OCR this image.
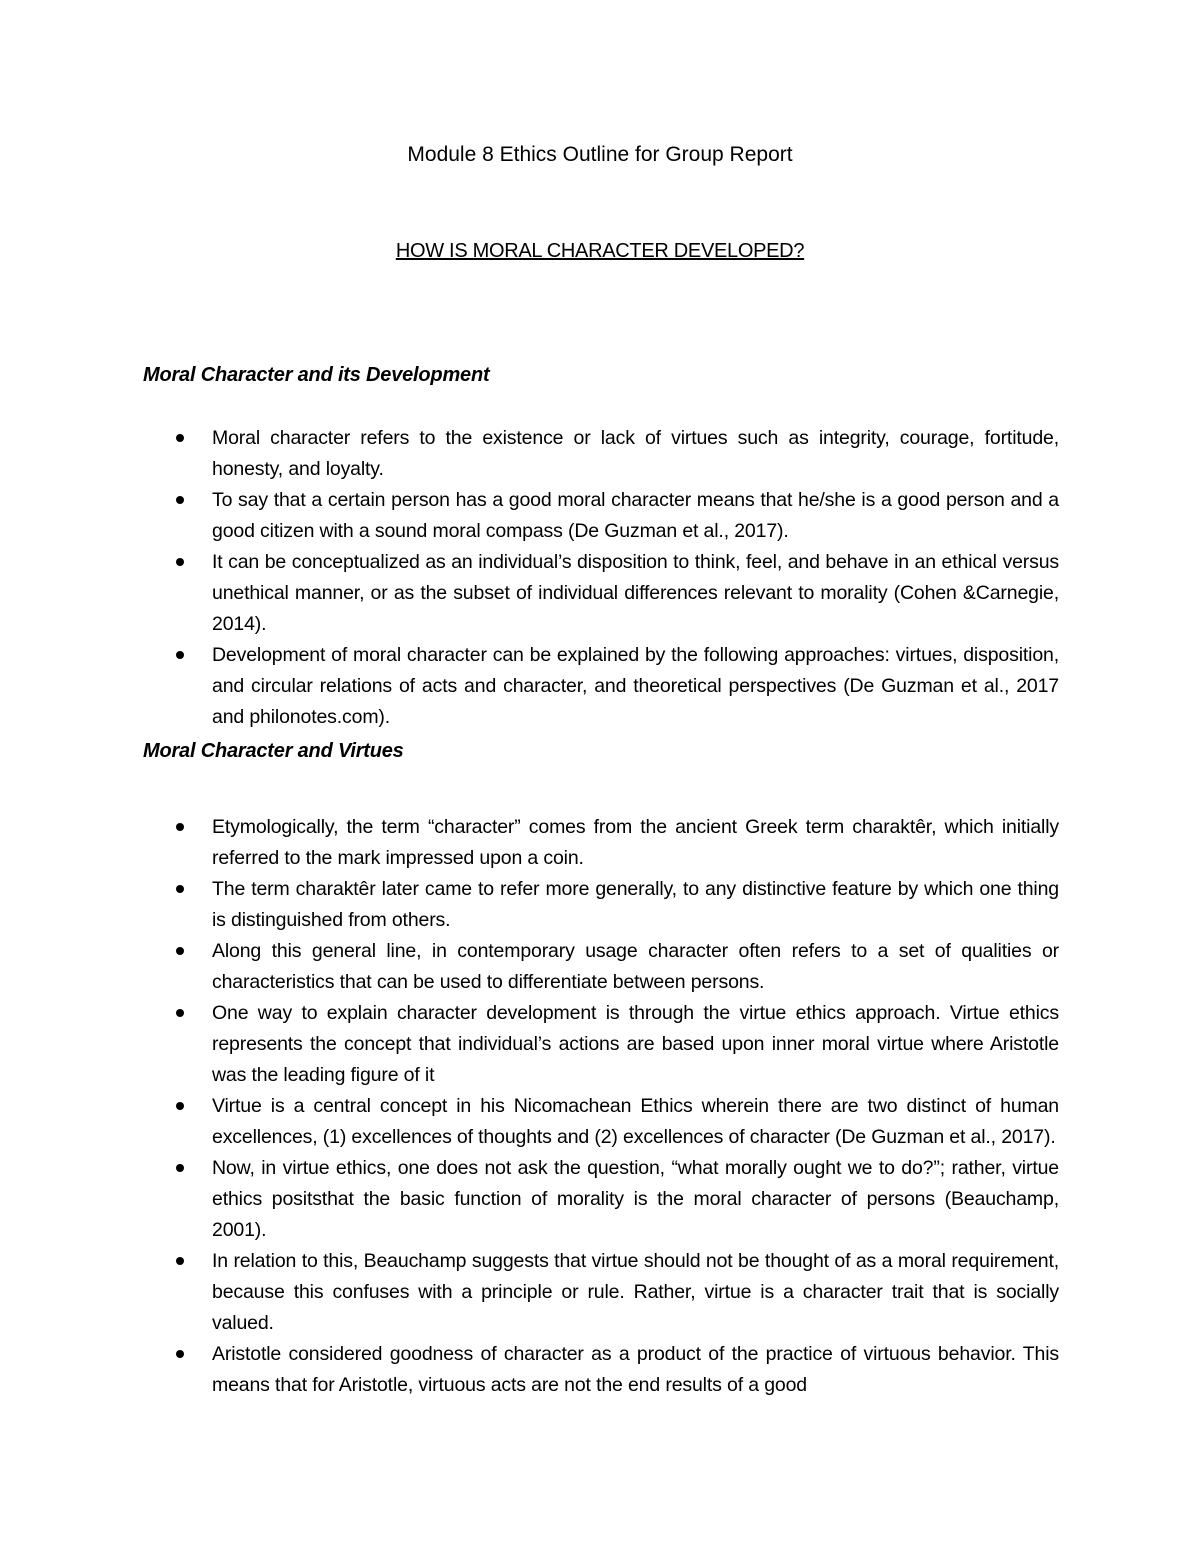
Module 8 Ethics Outline for Group Report
HOW IS MORAL CHARACTER DEVELOPED?
Moral Character and its Development
Moral character refers to the existence or lack of virtues such as integrity, courage, fortitude, honesty, and loyalty.
To say that a certain person has a good moral character means that he/she is a good person and a good citizen with a sound moral compass (De Guzman et al., 2017).
It can be conceptualized as an individual’s disposition to think, feel, and behave in an ethical versus unethical manner, or as the subset of individual differences relevant to morality (Cohen &Carnegie, 2014).
Development of moral character can be explained by the following approaches: virtues, disposition, and circular relations of acts and character, and theoretical perspectives (De Guzman et al., 2017 and philonotes.com).
Moral Character and Virtues
Etymologically, the term “character” comes from the ancient Greek term charaktêr, which initially referred to the mark impressed upon a coin.
The term charaktêr later came to refer more generally, to any distinctive feature by which one thing is distinguished from others.
Along this general line, in contemporary usage character often refers to a set of qualities or characteristics that can be used to differentiate between persons.
One way to explain character development is through the virtue ethics approach. Virtue ethics represents the concept that individual’s actions are based upon inner moral virtue where Aristotle was the leading figure of it
Virtue is a central concept in his Nicomachean Ethics wherein there are two distinct of human excellences, (1) excellences of thoughts and (2) excellences of character (De Guzman et al., 2017).
Now, in virtue ethics, one does not ask the question, “what morally ought we to do?”; rather, virtue ethics positsthat the basic function of morality is the moral character of persons (Beauchamp, 2001).
In relation to this, Beauchamp suggests that virtue should not be thought of as a moral requirement, because this confuses with a principle or rule. Rather, virtue is a character trait that is socially valued.
Aristotle considered goodness of character as a product of the practice of virtuous behavior. This means that for Aristotle, virtuous acts are not the end results of a good
